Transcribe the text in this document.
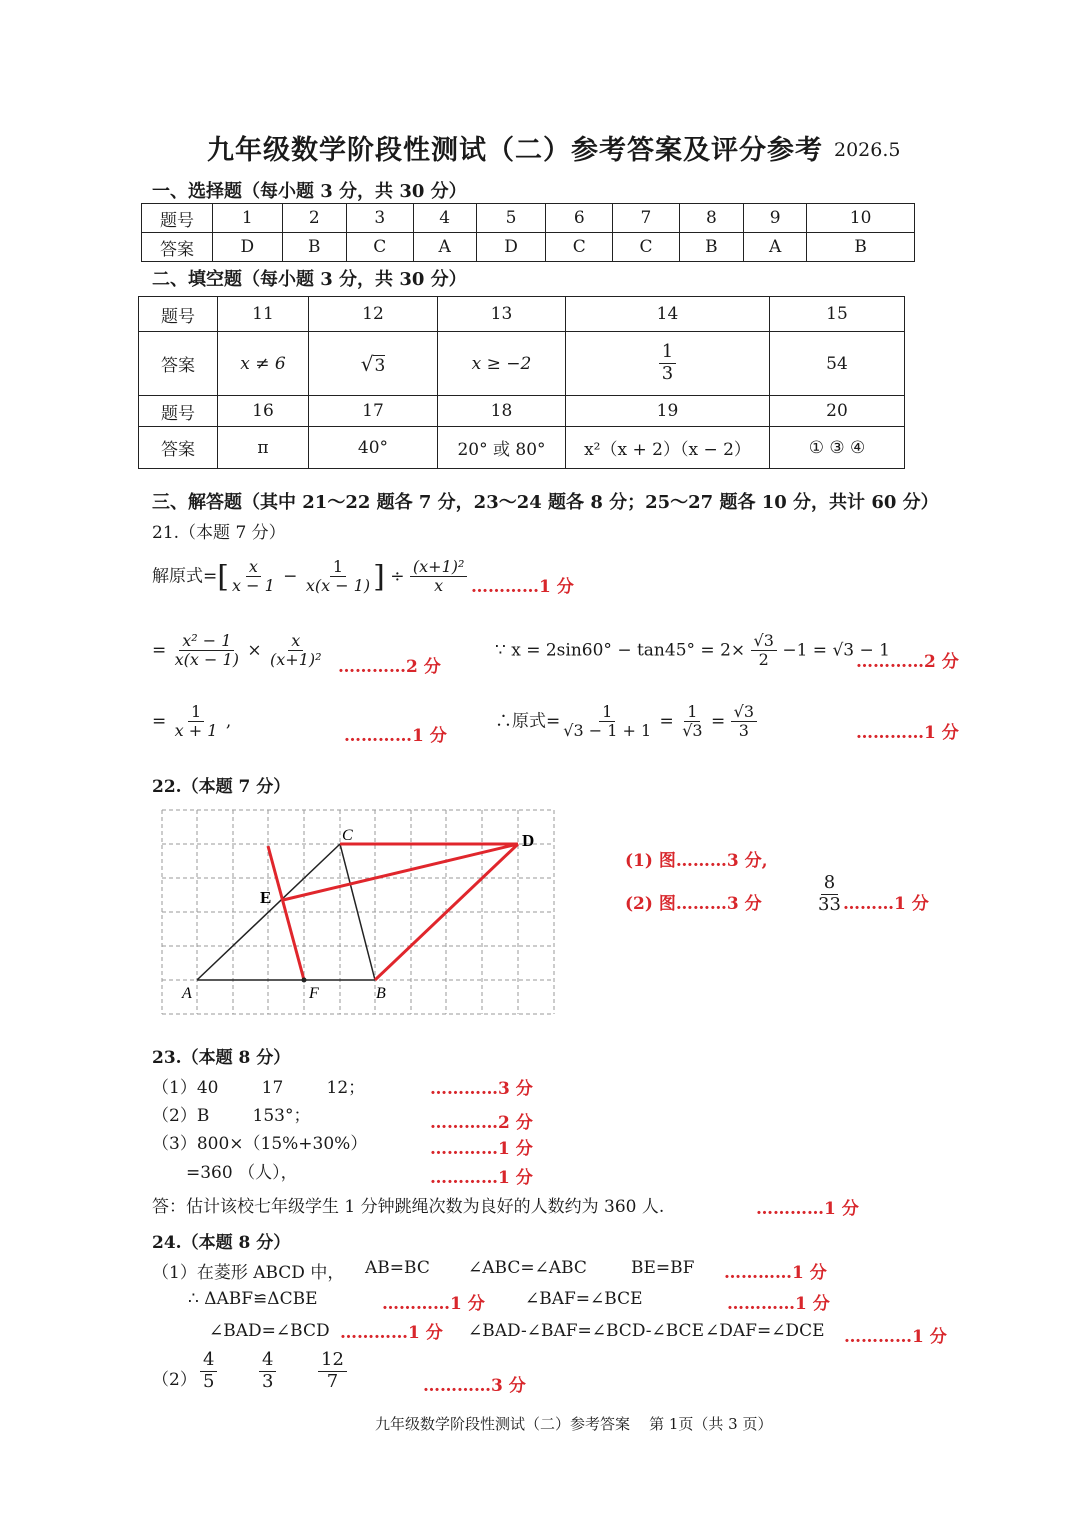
九年级数学阶段性测试（二）参考答案及评分参考 2026.5
一、选择题（每小题 3 分，共 30 分）
题号	1	2	3	4	5	6	7	8	9	10
答案	D	B	C	A	D	C	C	B	A	B
二、填空题（每小题 3 分，共 30 分）
题号	11	12	13	14	15
答案	x ≠ 6	√3	x ≥ −2	$\frac{1}{3}$	54
题号	16	17	18	19	20
答案	π	40°	20° 或 80°	x²（x + 2）（x − 2）	① ③ ④
三、解答题（其中 21～22 题各 7 分，23～24 题各 8 分；25～27 题各 10 分，共计 60 分）
21.（本题 7 分）
解原式=[ $\frac{x}{x - 1} - \frac{1}{x(x - 1)}$ ] ÷ $\frac{\text{(x+1)²}}{x}$ …………1 分
= $\frac{\text{x² − 1}}{x(x - 1)} \times \frac{x}{\text{(x+1)²}}$ …………2 分
∵ $x = 2\sin 60^\circ - \tan 45^\circ = 2\times \frac{√3}{2} -1 = √3 - 1$
…………2 分
= $\frac{1}{x + 1}$ ,
…………1 分
∴原式= $\frac{1}{√3 - 1 + 1} = \frac{1}{√3} = \frac{√3}{3}$	…………1 分
22.（本题 7 分）
A	B
C	D
E
F
(1) 图………3 分,
(2) 图………3 分	$\frac{8}{33}$ ………1 分
23.（本题 8 分）
（1）40        17        12；	…………3 分
（2）B        153°；	…………2 分
（3）800×（15%+30%）	…………1 分
=360 （人），	…………1 分
答：估计该校七年级学生 1 分钟跳绳次数为良好的人数约为 360 人.	…………1 分
24.（本题 8 分）
（1）在菱形 ABCD 中， AB=BC ∠ABC=∠ABC	BE=BF …………1 分
∴ ΔABF≌ΔCBE	…………1 分 ∠BAF=∠BCE	…………1 分
∠BAD=∠BCD …………1 分 ∠BAD-∠BAF=∠BCD-∠BCE ∠DAF=∠DCE …………1 分
$(2) \frac{4}{5} \frac{4}{3} \frac{12}{7}$	…………3 分
九年级数学阶段性测试（二）参考答案    第 1页（共 3 页）
